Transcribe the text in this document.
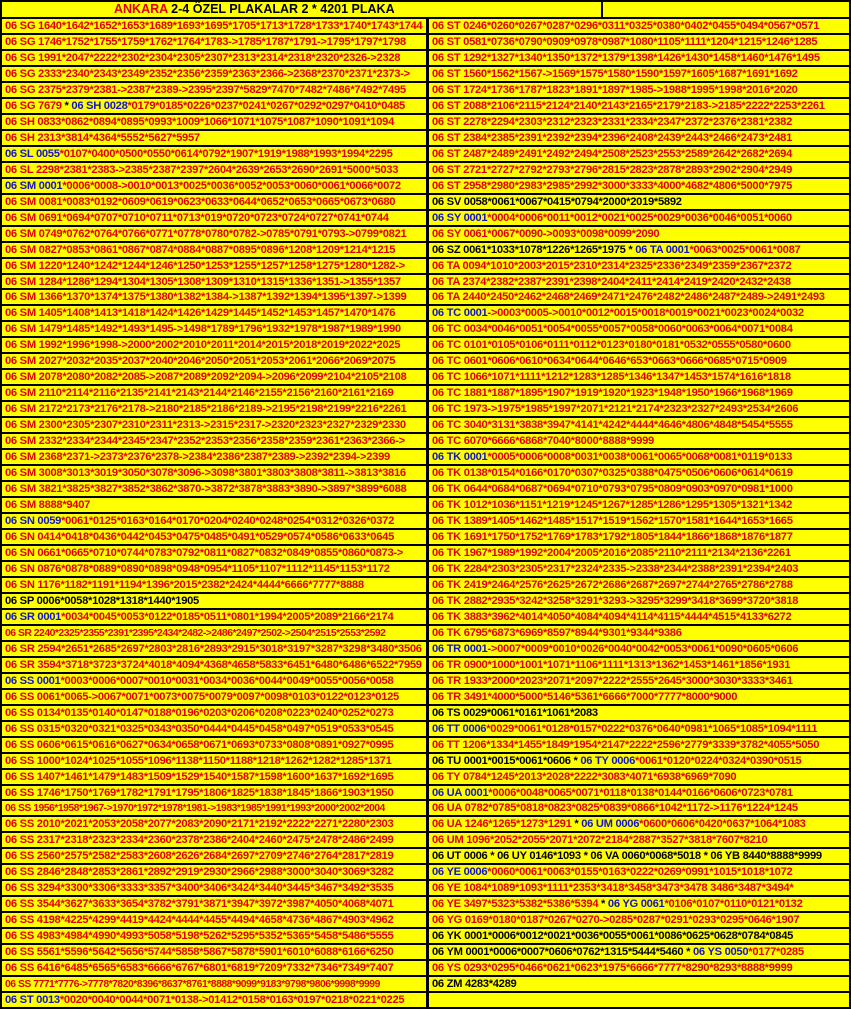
ANKARA 2-4 ÖZEL PLAKALAR 2 * 4201 PLAKA
06 SG 1640*1642*1652*1653*1689*1693*1695*1705*1713*1728*1733*1740*1743*1744
06 SG 1746*1752*1755*1759*1762*1764*1783->1785*1787*1791->1795*1797*1798
06 SG 1991*2047*2222*2302*2304*2305*2307*2313*2314*2318*2320*2326->2328
06 SG 2333*2340*2343*2349*2352*2356*2359*2363*2366->2368*2370*2371*2373->
06 SG 2375*2379*2381->2387*2389->2395*2397*5829*7470*7482*7486*7492*7495
06 SG 7679 * 06 SH 0028*0179*0185*0226*0237*0241*0267*0292*0297*0410*0485
06 SH 0833*0862*0894*0895*0993*1009*1066*1071*1075*1087*1090*1091*1094
06 SH 2313*3814*4364*5552*5627*5957
06 SL 0055*0107*0400*0500*0550*0614*0792*1907*1919*1988*1993*1994*2295
06 SL 2298*2381*2383->2385*2387*2397*2604*2639*2653*2690*2691*5000*5033
06 SM 0001*0006*0008->0010*0013*0025*0036*0052*0053*0060*0061*0066*0072
06 SM 0081*0083*0192*0609*0619*0623*0633*0644*0652*0653*0665*0673*0680
06 SM 0691*0694*0707*0710*0711*0713*019*0720*0723*0724*0727*0741*0744
06 SM 0749*0762*0764*0766*0771*0778*0780*0782->0785*0791*0793->0799*0821
06 SM 0827*0853*0861*0867*0874*0884*0887*0895*0896*1208*1209*1214*1215
06 SM 1220*1240*1242*1244*1246*1250*1253*1255*1257*1258*1275*1280*1282->
06 SM 1284*1286*1294*1304*1305*1308*1309*1310*1315*1336*1351->1355*1357
06 SM 1366*1370*1374*1375*1380*1382*1384->1387*1392*1394*1395*1397->1399
06 SM 1405*1408*1413*1418*1424*1426*1429*1445*1452*1453*1457*1470*1476
06 SM 1479*1485*1492*1493*1495->1498*1789*1796*1932*1978*1987*1989*1990
06 SM 1992*1996*1998->2000*2002*2010*2011*2014*2015*2018*2019*2022*2025
06 SM 2027*2032*2035*2037*2040*2046*2050*2051*2053*2061*2066*2069*2075
06 SM 2078*2080*2082*2085->2087*2089*2092*2094->2096*2099*2104*2105*2108
06 SM 2110*2114*2116*2135*2141*2143*2144*2146*2155*2156*2160*2161*2169
06 SM 2172*2173*2176*2178->2180*2185*2186*2189->2195*2198*2199*2216*2261
06 SM 2300*2305*2307*2310*2311*2313->2315*2317->2320*2323*2327*2329*2330
06 SM 2332*2334*2344*2345*2347*2352*2353*2356*2358*2359*2361*2363*2366->
06 SM 2368*2371->2373*2376*2378->2384*2386*2387*2389->2392*2394->2399
06 SM 3008*3013*3019*3050*3078*3096->3098*3801*3803*3808*3811->3813*3816
06 SM 3821*3825*3827*3852*3862*3870->3872*3878*3883*3890->3897*3899*6088
06 SM 8888*9407
06 SN 0059*0061*0125*0163*0164*0170*0204*0240*0248*0254*0312*0326*0372
06 SN 0414*0418*0436*0442*0453*0475*0485*0491*0529*0574*0586*0633*0645
06 SN 0661*0665*0710*0744*0783*0792*0811*0827*0832*0849*0855*0860*0873->
06 SN 0876*0878*0889*0890*0898*0948*0954*1105*1107*1112*1145*1153*1172
06 SN 1176*1182*1191*1194*1396*2015*2382*2424*4444*6666*7777*8888
06 SP 0006*0058*1028*1318*1440*1905
06 SR 0001*0034*0045*0053*0122*0185*0511*0801*1994*2005*2089*2166*2174
06 SR 2240*2325*2355*2391*2395*2434*2482->2486*2497*2502->2504*2515*2553*2592
06 SR 2594*2651*2685*2697*2803*2816*2893*2915*3018*3197*3287*3298*3480*3506
06 SR 3594*3718*3723*3724*4018*4094*4368*4658*5833*6451*6480*6486*6522*7959
06 SS 0001*0003*0006*0007*0010*0031*0034*0036*0044*0049*0055*0056*0058
06 SS 0061*0065->0067*0071*0073*0075*0079*0097*0098*0103*0122*0123*0125
06 SS 0134*0135*0140*0147*0188*0196*0203*0206*0208*0223*0240*0252*0273
06 SS 0315*0320*0321*0325*0343*0350*0444*0445*0458*0497*0519*0533*0545
06 SS 0606*0615*0616*0627*0634*0658*0671*0693*0733*0808*0891*0927*0995
06 SS 1000*1024*1025*1055*1096*1138*1150*1188*1218*1262*1282*1285*1371
06 SS 1407*1461*1479*1483*1509*1529*1540*1587*1598*1600*1637*1692*1695
06 SS 1746*1750*1769*1782*1791*1795*1806*1825*1838*1845*1866*1903*1950
06 SS 1956*1958*1967->1970*1972*1978*1981->1983*1985*1991*1993*2000*2002*2004
06 SS 2010*2021*2053*2058*2077*2083*2090*2171*2192*2222*2271*2280*2303
06 SS 2317*2318*2323*2334*2360*2378*2386*2404*2460*2475*2478*2486*2499
06 SS 2560*2575*2582*2583*2608*2626*2684*2697*2709*2746*2764*2817*2819
06 SS 2846*2848*2853*2861*2892*2919*2930*2966*2988*3000*3040*3069*3282
06 SS 3294*3300*3306*3333*3357*3400*3406*3424*3440*3445*3467*3492*3535
06 SS 3544*3627*3633*3654*3782*3791*3871*3947*3972*3987*4050*4068*4071
06 SS 4198*4225*4299*4419*4424*4444*4455*4494*4658*4736*4867*4903*4962
06 SS 4983*4984*4990*4993*5058*5198*5262*5295*5352*5365*5458*5486*5555
06 SS 5561*5596*5642*5656*5744*5858*5867*5878*5901*6010*6088*6166*6250
06 SS 6416*6485*6565*6583*6666*6767*6801*6819*7209*7332*7346*7349*7407
06 SS 7771*7776->7778*7820*8396*8637*8761*8888*9099*9183*9798*9806*9998*9999
06 ST 0013*0020*0040*0044*0071*0138->01412*0158*0163*0197*0218*0221*0225
06 ST 0246*0260*0267*0287*0296*0311*0325*0380*0402*0455*0494*0567*0571
06 ST 0581*0736*0790*0909*0978*0987*1080*1105*1111*1204*1215*1246*1285
06 ST 1292*1327*1340*1350*1372*1379*1398*1426*1430*1458*1460*1476*1495
06 ST 1560*1562*1567->1569*1575*1580*1590*1597*1605*1687*1691*1692
06 ST 1724*1736*1787*1823*1891*1897*1985->1988*1995*1998*2016*2020
06 ST 2088*2106*2115*2124*2140*2143*2165*2179*2183->2185*2222*2253*2261
06 ST 2278*2294*2303*2312*2323*2331*2334*2347*2372*2376*2381*2382
06 ST 2384*2385*2391*2392*2394*2396*2408*2439*2443*2466*2473*2481
06 ST 2487*2489*2491*2492*2494*2508*2523*2553*2589*2642*2682*2694
06 ST 2721*2727*2792*2793*2796*2815*2823*2878*2893*2902*2904*2949
06 ST 2958*2980*2983*2985*2992*3000*3333*4000*4682*4806*5000*7975
06 SV 0058*0061*0067*0415*0794*2000*2019*5892
06 SY 0001*0004*0006*0011*0012*0021*0025*0029*0036*0046*0051*0060
06 SY 0061*0067*0090->0093*0098*0099*2090
06 SZ 0061*1033*1078*1226*1265*1975 * 06 TA 0001*0063*0025*0061*0087
06 TA 0094*1010*2003*2015*2310*2314*2325*2336*2349*2359*2367*2372
06 TA 2374*2382*2387*2391*2398*2404*2411*2414*2419*2420*2432*2438
06 TA 2440*2450*2462*2468*2469*2471*2476*2482*2486*2487*2489->2491*2493
06 TC 0001->0003*0005->0010*0012*0015*0018*0019*0021*0023*0024*0032
06 TC 0034*0046*0051*0054*0055*0057*0058*0060*0063*0064*0071*0084
06 TC 0101*0105*0106*0111*0112*0123*0180*0181*0532*0555*0580*0600
06 TC 0601*0606*0610*0634*0644*0646*653*0663*0666*0685*0715*0909
06 TC 1066*1071*1111*1212*1283*1285*1346*1347*1453*1574*1616*1818
06 TC 1881*1887*1895*1907*1919*1920*1923*1948*1950*1966*1968*1969
06 TC 1973->1975*1985*1997*2071*2121*2174*2323*2327*2493*2534*2606
06 TC 3040*3131*3838*3947*4141*4242*4444*4646*4806*4848*5454*5555
06 TC 6070*6666*6868*7040*8000*8888*9999
06 TK 0001*0005*0006*0008*0031*0038*0061*0065*0068*0081*0119*0133
06 TK 0138*0154*0166*0170*0307*0325*0388*0475*0506*0606*0614*0619
06 TK 0644*0684*0687*0694*0710*0793*0795*0809*0903*0970*0981*1000
06 TK 1012*1036*1151*1219*1245*1267*1285*1286*1295*1305*1321*1342
06 TK 1389*1405*1462*1485*1517*1519*1562*1570*1581*1644*1653*1665
06 TK 1691*1750*1752*1769*1783*1792*1805*1844*1866*1868*1876*1877
06 TK 1967*1989*1992*2004*2005*2016*2085*2110*2111*2134*2136*2261
06 TK 2284*2303*2305*2317*2324*2335->2338*2344*2388*2391*2394*2403
06 TK 2419*2464*2576*2625*2672*2686*2687*2697*2744*2765*2786*2788
06 TK 2882*2935*3242*3258*3291*3293->3295*3299*3418*3699*3720*3818
06 TK 3883*3962*4014*4050*4084*4094*4114*4115*4444*4515*4133*6272
06 TK 6795*6873*6969*8597*8944*9301*9344*9386
06 TR 0001->0007*0009*0010*0026*0040*0042*0053*0061*0090*0605*0606
06 TR 0900*1000*1001*1071*1106*1111*1313*1362*1453*1461*1856*1931
06 TR 1933*2000*2023*2071*2097*2222*2555*2645*3000*3030*3333*3461
06 TR 3491*4000*5000*5146*5361*6666*7000*7777*8000*9000
06 TS 0029*0061*0161*1061*2083
06 TT 0006*0029*0061*0128*0157*0222*0376*0640*0981*1065*1085*1094*1111
06 TT 1206*1334*1455*1849*1954*2147*2222*2596*2779*3339*3782*4055*5050
06 TU 0001*0015*0061*0606 * 06 TY 0006*0061*0120*0224*0324*0390*0515
06 TY 0784*1245*2013*2028*2222*3083*4071*6938*6969*7090
06 UA 0001*0006*0048*0065*0071*0118*0138*0144*0166*0606*0723*0781
06 UA 0782*0785*0818*0823*0825*0839*0866*1042*1172->1176*1224*1245
06 UA 1246*1265*1273*1291 * 06 UM 0006*0600*0606*0420*0637*1064*1083
06 UM 1096*2052*2055*2071*2072*2184*2887*3527*3818*7607*8210
06 UT 0006 * 06 UY 0146*1093 * 06 VA 0060*0068*5018 * 06 YB 8440*8888*9999
06 YE 0006*0060*0061*0063*0155*0163*0222*0269*0991*1015*1018*1072
06 YE 1084*1089*1093*1111*2353*3418*3458*3473*3478 3486*3487*3494*
06 YE 3497*5323*5382*5386*5394 * 06 YG 0061*0106*0107*0110*0121*0132
06 YG 0169*0180*0187*0267*0270->0285*0287*0291*0293*0295*0646*1907
06 YK 0001*0006*0012*0021*0036*0055*0061*0086*0625*0628*0784*0845
06 YM 0001*0006*0007*0606*0762*1315*5444*5460 * 06 YS 0050*0177*0285
06 YS 0293*0295*0466*0621*0623*1975*6666*7777*8290*8293*8888*9999
06 ZM 4283*4289
